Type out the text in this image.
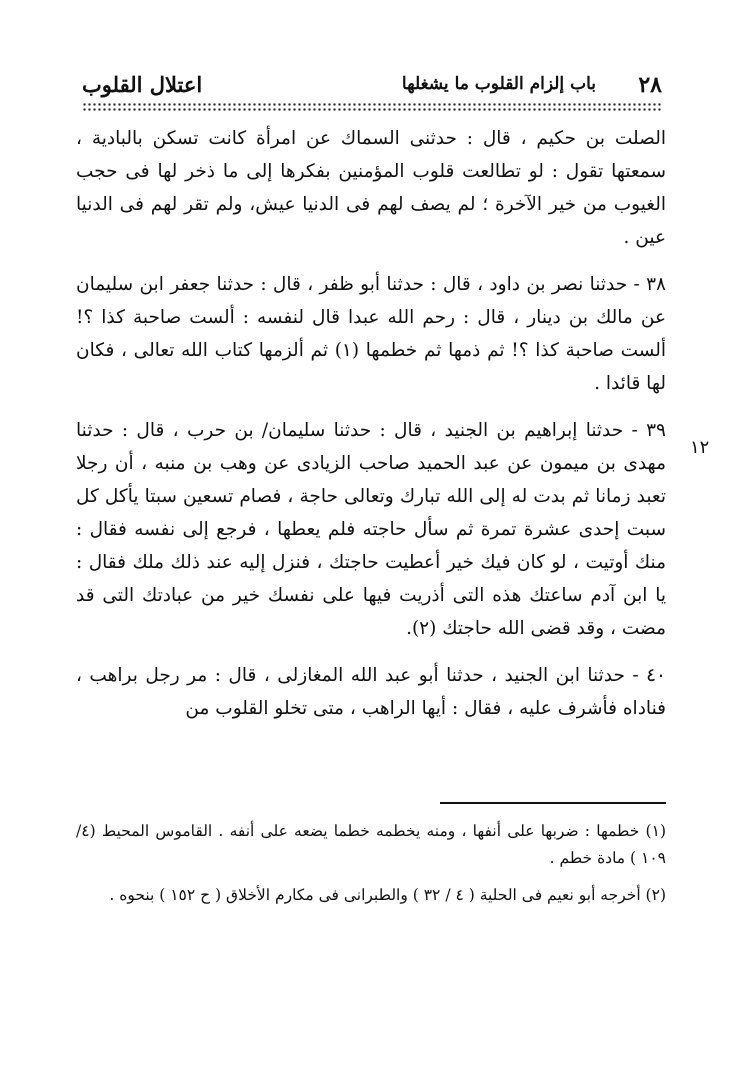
٢٨
باب إلزام القلوب ما يشغلها
اعتلال القلوب

الصلت بن حكيم ، قال : حدثنى السماك عن امرأة كانت تسكن بالبادية ، سمعتها تقول : لو تطالعت قلوب المؤمنين بفكرها إلى ما ذخر لها فى حجب الغيوب من خير الآخرة ؛ لم يصف لهم فى الدنيا عيش، ولم تقر لهم فى الدنيا عين .

٣٨ - حدثنا نصر بن داود ، قال : حدثنا أبو ظفر ، قال : حدثنا جعفر ابن سليمان عن مالك بن دينار ، قال : رحم الله عبدا قال لنفسه : ألست صاحبة كذا ؟! ألست صاحبة كذا ؟! ثم ذمها ثم خطمها (١) ثم ألزمها كتاب الله تعالى ، فكان لها قائدا .

٣٩ - حدثنا إبراهيم بن الجنيد ، قال : حدثنا سليمان/ بن حرب ، قال : حدثنا مهدى بن ميمون عن عبد الحميد صاحب الزيادى عن وهب بن منبه ، أن رجلا تعبد زمانا ثم بدت له إلى الله تبارك وتعالى حاجة ، فصام تسعين سبتا يأكل كل سبت إحدى عشرة تمرة ثم سأل حاجته فلم يعطها ، فرجع إلى نفسه فقال : منك أوتيت ، لو كان فيك خير أعطيت حاجتك ، فنزل إليه عند ذلك ملك فقال : يا ابن آدم ساعتك هذه التى أذريت فيها على نفسك خير من عبادتك التى قد مضت ، وقد قضى الله حاجتك (٢).

٤٠ - حدثنا ابن الجنيد ، حدثنا أبو عبد الله المغازلى ، قال : مر رجل براهب ، فناداه فأشرف عليه ، فقال : أيها الراهب ، متى تخلو القلوب من

١٢

(١) خطمها : ضربها على أنفها ، ومنه يخطمه خطما يضعه على أنفه . القاموس المحيط (٤/ ١٠٩ ) مادة خطم .

(٢) أخرجه أبو نعيم فى الحلية ( ٤ / ٣٢ ) والطبرانى فى مكارم الأخلاق ( ح ١٥٢ ) بنحوه .
